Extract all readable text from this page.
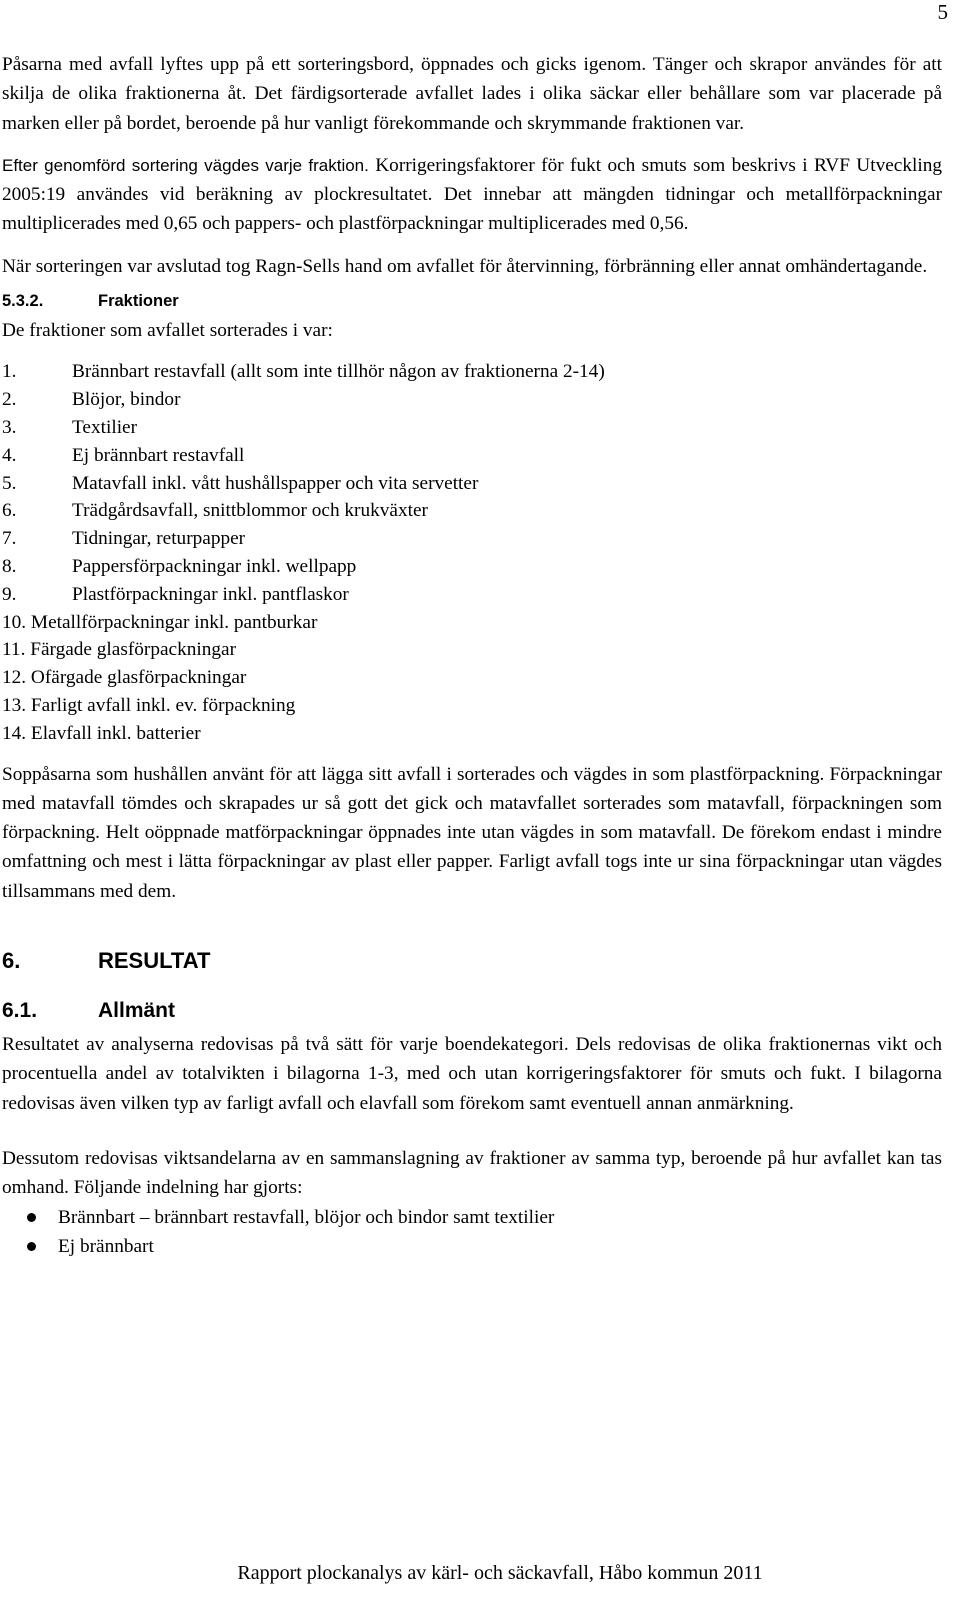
5

Påsarna med avfall lyftes upp på ett sorteringsbord, öppnades och gicks igenom. Tänger och skrapor användes för att skilja de olika fraktionerna åt. Det färdigsorterade avfallet lades i olika säckar eller behållare som var placerade på marken eller på bordet, beroende på hur vanligt förekommande och skrymmande fraktionen var.

Efter genomförd sortering vägdes varje fraktion. Korrigeringsfaktorer för fukt och smuts som beskrivs i RVF Utveckling 2005:19 användes vid beräkning av plockresultatet. Det innebar att mängden tidningar och metallförpackningar multiplicerades med 0,65 och pappers- och plastförpackningar multiplicerades med 0,56.

När sorteringen var avslutad tog Ragn-Sells hand om avfallet för återvinning, förbränning eller annat omhändertagande.

5.3.2.	Fraktioner
De fraktioner som avfallet sorterades i var:
1.	Brännbart restavfall (allt som inte tillhör någon av fraktionerna 2-14)
2.	Blöjor, bindor
3.	Textilier
4.	Ej brännbart restavfall
5.	Matavfall inkl. vått hushållspapper och vita servetter
6.	Trädgårdsavfall, snittblommor och krukväxter
7.	Tidningar, returpapper
8.	Pappersförpackningar inkl. wellpapp
9.	Plastförpackningar inkl. pantflaskor
10. Metallförpackningar inkl. pantburkar
11. Färgade glasförpackningar
12. Ofärgade glasförpackningar
13. Farligt avfall inkl. ev. förpackning
14. Elavfall inkl. batterier

Soppåsarna som hushållen använt för att lägga sitt avfall i sorterades och vägdes in som plastförpackning. Förpackningar med matavfall tömdes och skrapades ur så gott det gick och matavfallet sorterades som matavfall, förpackningen som förpackning. Helt oöppnade matförpackningar öppnades inte utan vägdes in som matavfall. De förekom endast i mindre omfattning och mest i lätta förpackningar av plast eller papper. Farligt avfall togs inte ur sina förpackningar utan vägdes tillsammans med dem.

6.	RESULTAT
6.1.	Allmänt

Resultatet av analyserna redovisas på två sätt för varje boendekategori. Dels redovisas de olika fraktionernas vikt och procentuella andel av totalvikten i bilagorna 1-3, med och utan korrigeringsfaktorer för smuts och fukt. I bilagorna redovisas även vilken typ av farligt avfall och elavfall som förekom samt eventuell annan anmärkning.

Dessutom redovisas viktsandelarna av en sammanslagning av fraktioner av samma typ, beroende på hur avfallet kan tas omhand. Följande indelning har gjorts:

Brännbart – brännbart restavfall, blöjor och bindor samt textilier
Ej brännbart
Rapport plockanalys av kärl- och säckavfall, Håbo kommun 2011
